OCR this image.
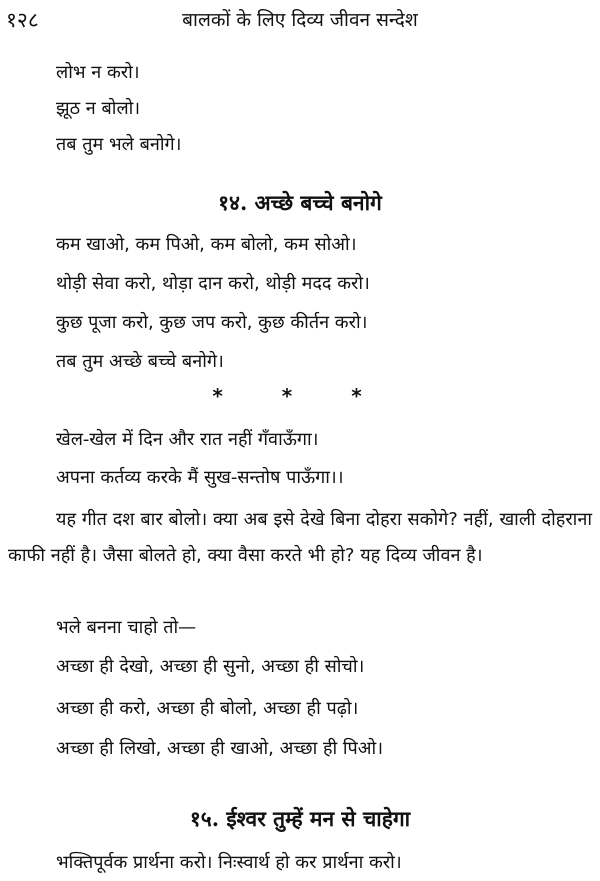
१२८	बालकों के लिए दिव्य जीवन सन्देश
लोभ न करो।
झूठ न बोलो।
तब तुम भले बनोगे।
१४. अच्छे बच्चे बनोगे
कम खाओ, कम पिओ, कम बोलो, कम सोओ।
थोड़ी सेवा करो, थोड़ा दान करो, थोड़ी मदद करो।
कुछ पूजा करो, कुछ जप करो, कुछ कीर्तन करो।
तब तुम अच्छे बच्चे बनोगे।
* * *
खेल-खेल में दिन और रात नहीं गँवाऊँगा।
अपना कर्तव्य करके मैं सुख-सन्तोष पाऊँगा।।
यह गीत दश बार बोलो। क्या अब इसे देखे बिना दोहरा सकोगे? नहीं, खाली दोहराना काफी नहीं है। जैसा बोलते हो, क्या वैसा करते भी हो? यह दिव्य जीवन है।
भले बनना चाहो तो—
अच्छा ही देखो, अच्छा ही सुनो, अच्छा ही सोचो।
अच्छा ही करो, अच्छा ही बोलो, अच्छा ही पढ़ो।
अच्छा ही लिखो, अच्छा ही खाओ, अच्छा ही पिओ।
१५. ईश्वर तुम्हें मन से चाहेगा
भक्तिपूर्वक प्रार्थना करो। निःस्वार्थ हो कर प्रार्थना करो।
